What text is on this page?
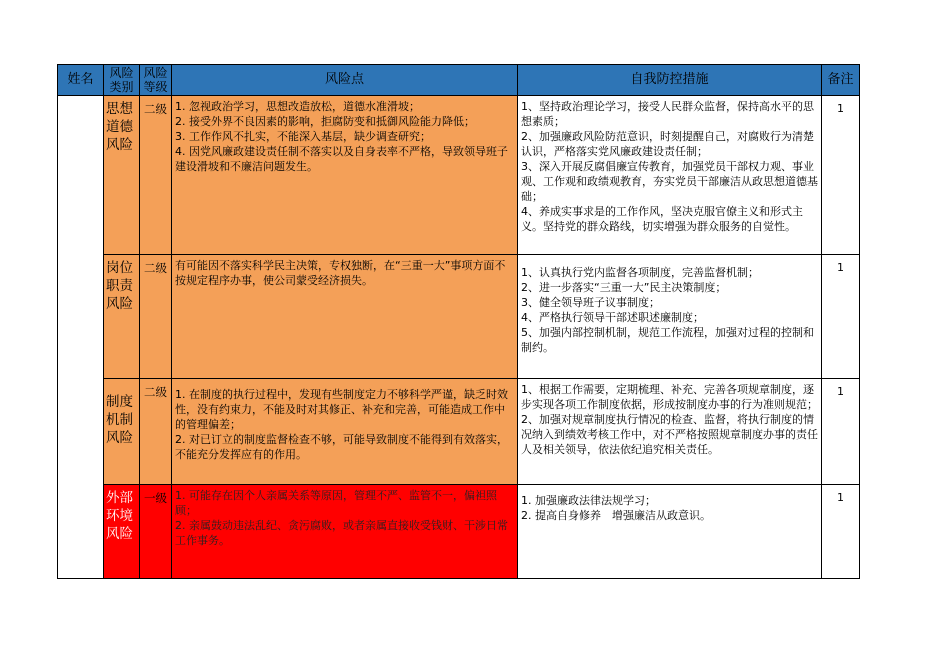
姓名	风险类别	风险等级	风险点	自我防控措施	备注
	思想道德风险	二级	1. 忽视政治学习，思想改造放松，道德水准滑坡；
2. 接受外界不良因素的影响，拒腐防变和抵御风险能力降低；
3. 工作作风不扎实，不能深入基层，缺少调查研究；
4. 因党风廉政建设责任制不落实以及自身表率不严格，导致领导班子建设滑坡和不廉洁问题发生。	1、坚持政治理论学习，接受人民群众监督，保持高水平的思想素质；
2、加强廉政风险防范意识，时刻提醒自己，对腐败行为清楚认识，严格落实党风廉政建设责任制；
3、深入开展反腐倡廉宣传教育，加强党员干部权力观、事业观、工作观和政绩观教育，夯实党员干部廉洁从政思想道德基础；
4、养成实事求是的工作作风，坚决克服官僚主义和形式主义。坚持党的群众路线，切实增强为群众服务的自觉性。	1
	岗位职责风险	二级	有可能因不落实科学民主决策，专权独断，在“三重一大”事项方面不按规定程序办事，使公司蒙受经济损失。	1、认真执行党内监督各项制度，完善监督机制；
2、进一步落实“三重一大”民主决策制度；
3、健全领导班子议事制度；
4、严格执行领导干部述职述廉制度；
5、加强内部控制机制，规范工作流程，加强对过程的控制和制约。	1
	制度机制风险	二级	1. 在制度的执行过程中，发现有些制度定力不够科学严谨，缺乏时效性，没有约束力，不能及时对其修正、补充和完善，可能造成工作中的管理偏差；
2. 对已订立的制度监督检查不够，可能导致制度不能得到有效落实，不能充分发挥应有的作用。	1、根据工作需要，定期梳理、补充、完善各项规章制度，逐步实现各项工作制度依据，形成按制度办事的行为准则规范；
2、加强对规章制度执行情况的检查、监督，将执行制度的情况纳入到绩效考核工作中，对不严格按照规章制度办事的责任人及相关领导，依法依纪追究相关责任。	1
	外部环境风险	一级	1. 可能存在因个人亲属关系等原因，管理不严、监管不一，偏袒照顾；
2. 亲属鼓动违法乱纪、贪污腐败，或者亲属直接收受钱财、干涉日常工作事务。	1. 加强廉政法律法规学习；
2. 提高自身修养　增强廉洁从政意识。	1
